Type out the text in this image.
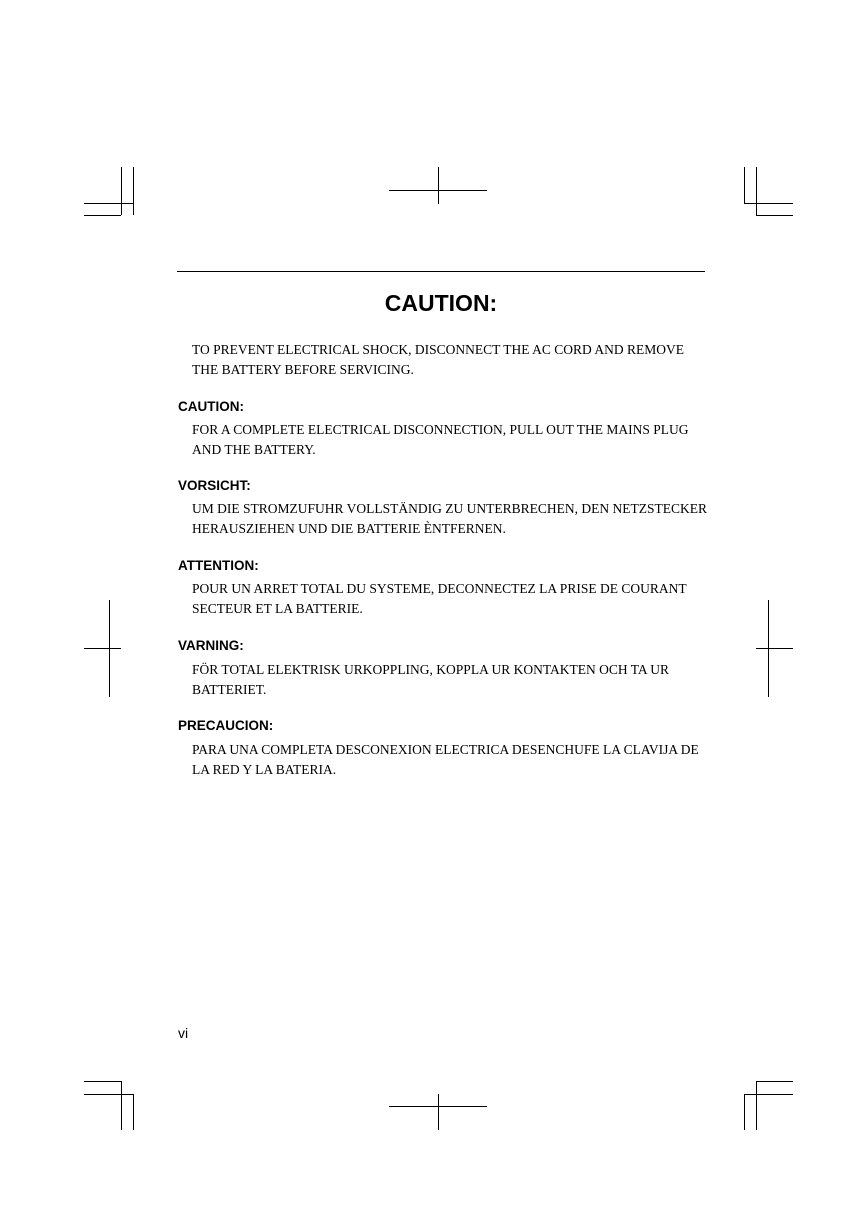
CAUTION:

TO PREVENT ELECTRICAL SHOCK, DISCONNECT THE AC CORD AND REMOVE THE BATTERY BEFORE SERVICING.

CAUTION:

FOR A COMPLETE ELECTRICAL DISCONNECTION, PULL OUT THE MAINS PLUG AND THE BATTERY.

VORSICHT:

UM DIE STROMZUFUHR VOLLSTÄNDIG ZU UNTERBRECHEN, DEN NETZSTECKER HERAUSZIEHEN UND DIE BATTERIE ÈNTFERNEN.

ATTENTION:

POUR UN ARRET TOTAL DU SYSTEME, DECONNECTEZ LA PRISE DE COURANT SECTEUR ET LA BATTERIE.

VARNING:

FÖR TOTAL ELEKTRISK URKOPPLING, KOPPLA UR KONTAKTEN OCH TA UR BATTERIET.

PRECAUCION:

PARA UNA COMPLETA DESCONEXION ELECTRICA DESENCHUFE LA CLAVIJA DE LA RED Y LA BATERIA.

vi
